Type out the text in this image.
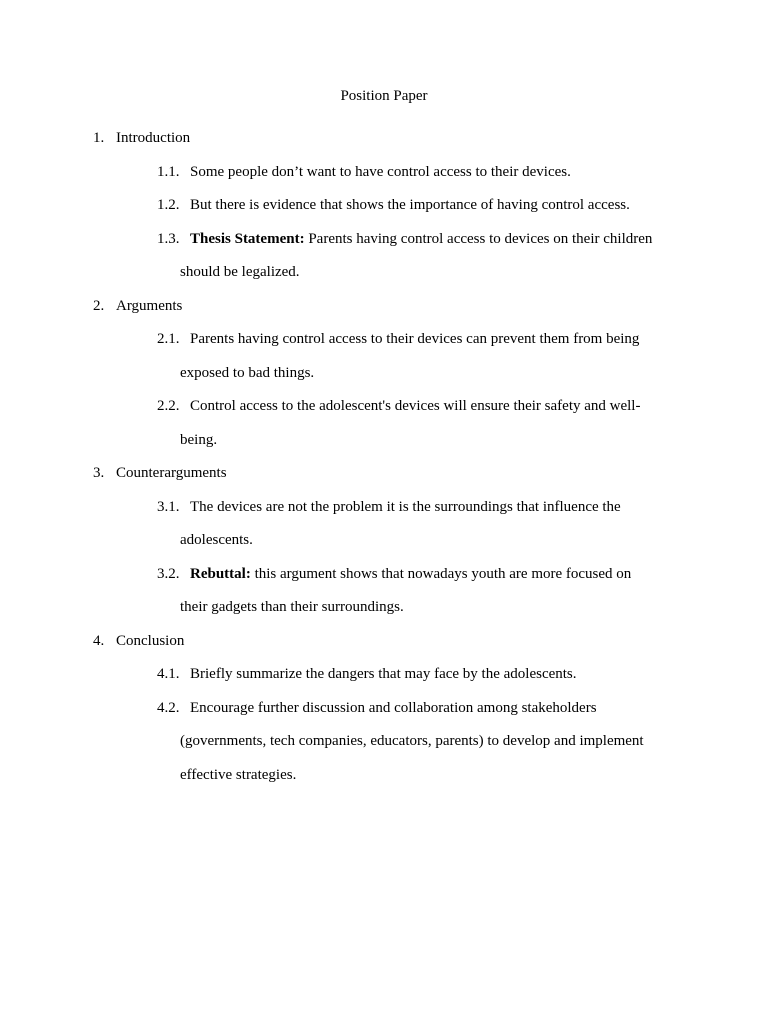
Position Paper
1. Introduction
1.1. Some people don’t want to have control access to their devices.
1.2. But there is evidence that shows the importance of having control access.
1.3. Thesis Statement: Parents having control access to devices on their children
should be legalized.
2. Arguments
2.1. Parents having control access to their devices can prevent them from being
exposed to bad things.
2.2. Control access to the adolescent's devices will ensure their safety and well-
being.
3. Counterarguments
3.1. The devices are not the problem it is the surroundings that influence the
adolescents.
3.2. Rebuttal: this argument shows that nowadays youth are more focused on
their gadgets than their surroundings.
4. Conclusion
4.1. Briefly summarize the dangers that may face by the adolescents.
4.2. Encourage further discussion and collaboration among stakeholders
(governments, tech companies, educators, parents) to develop and implement
effective strategies.
